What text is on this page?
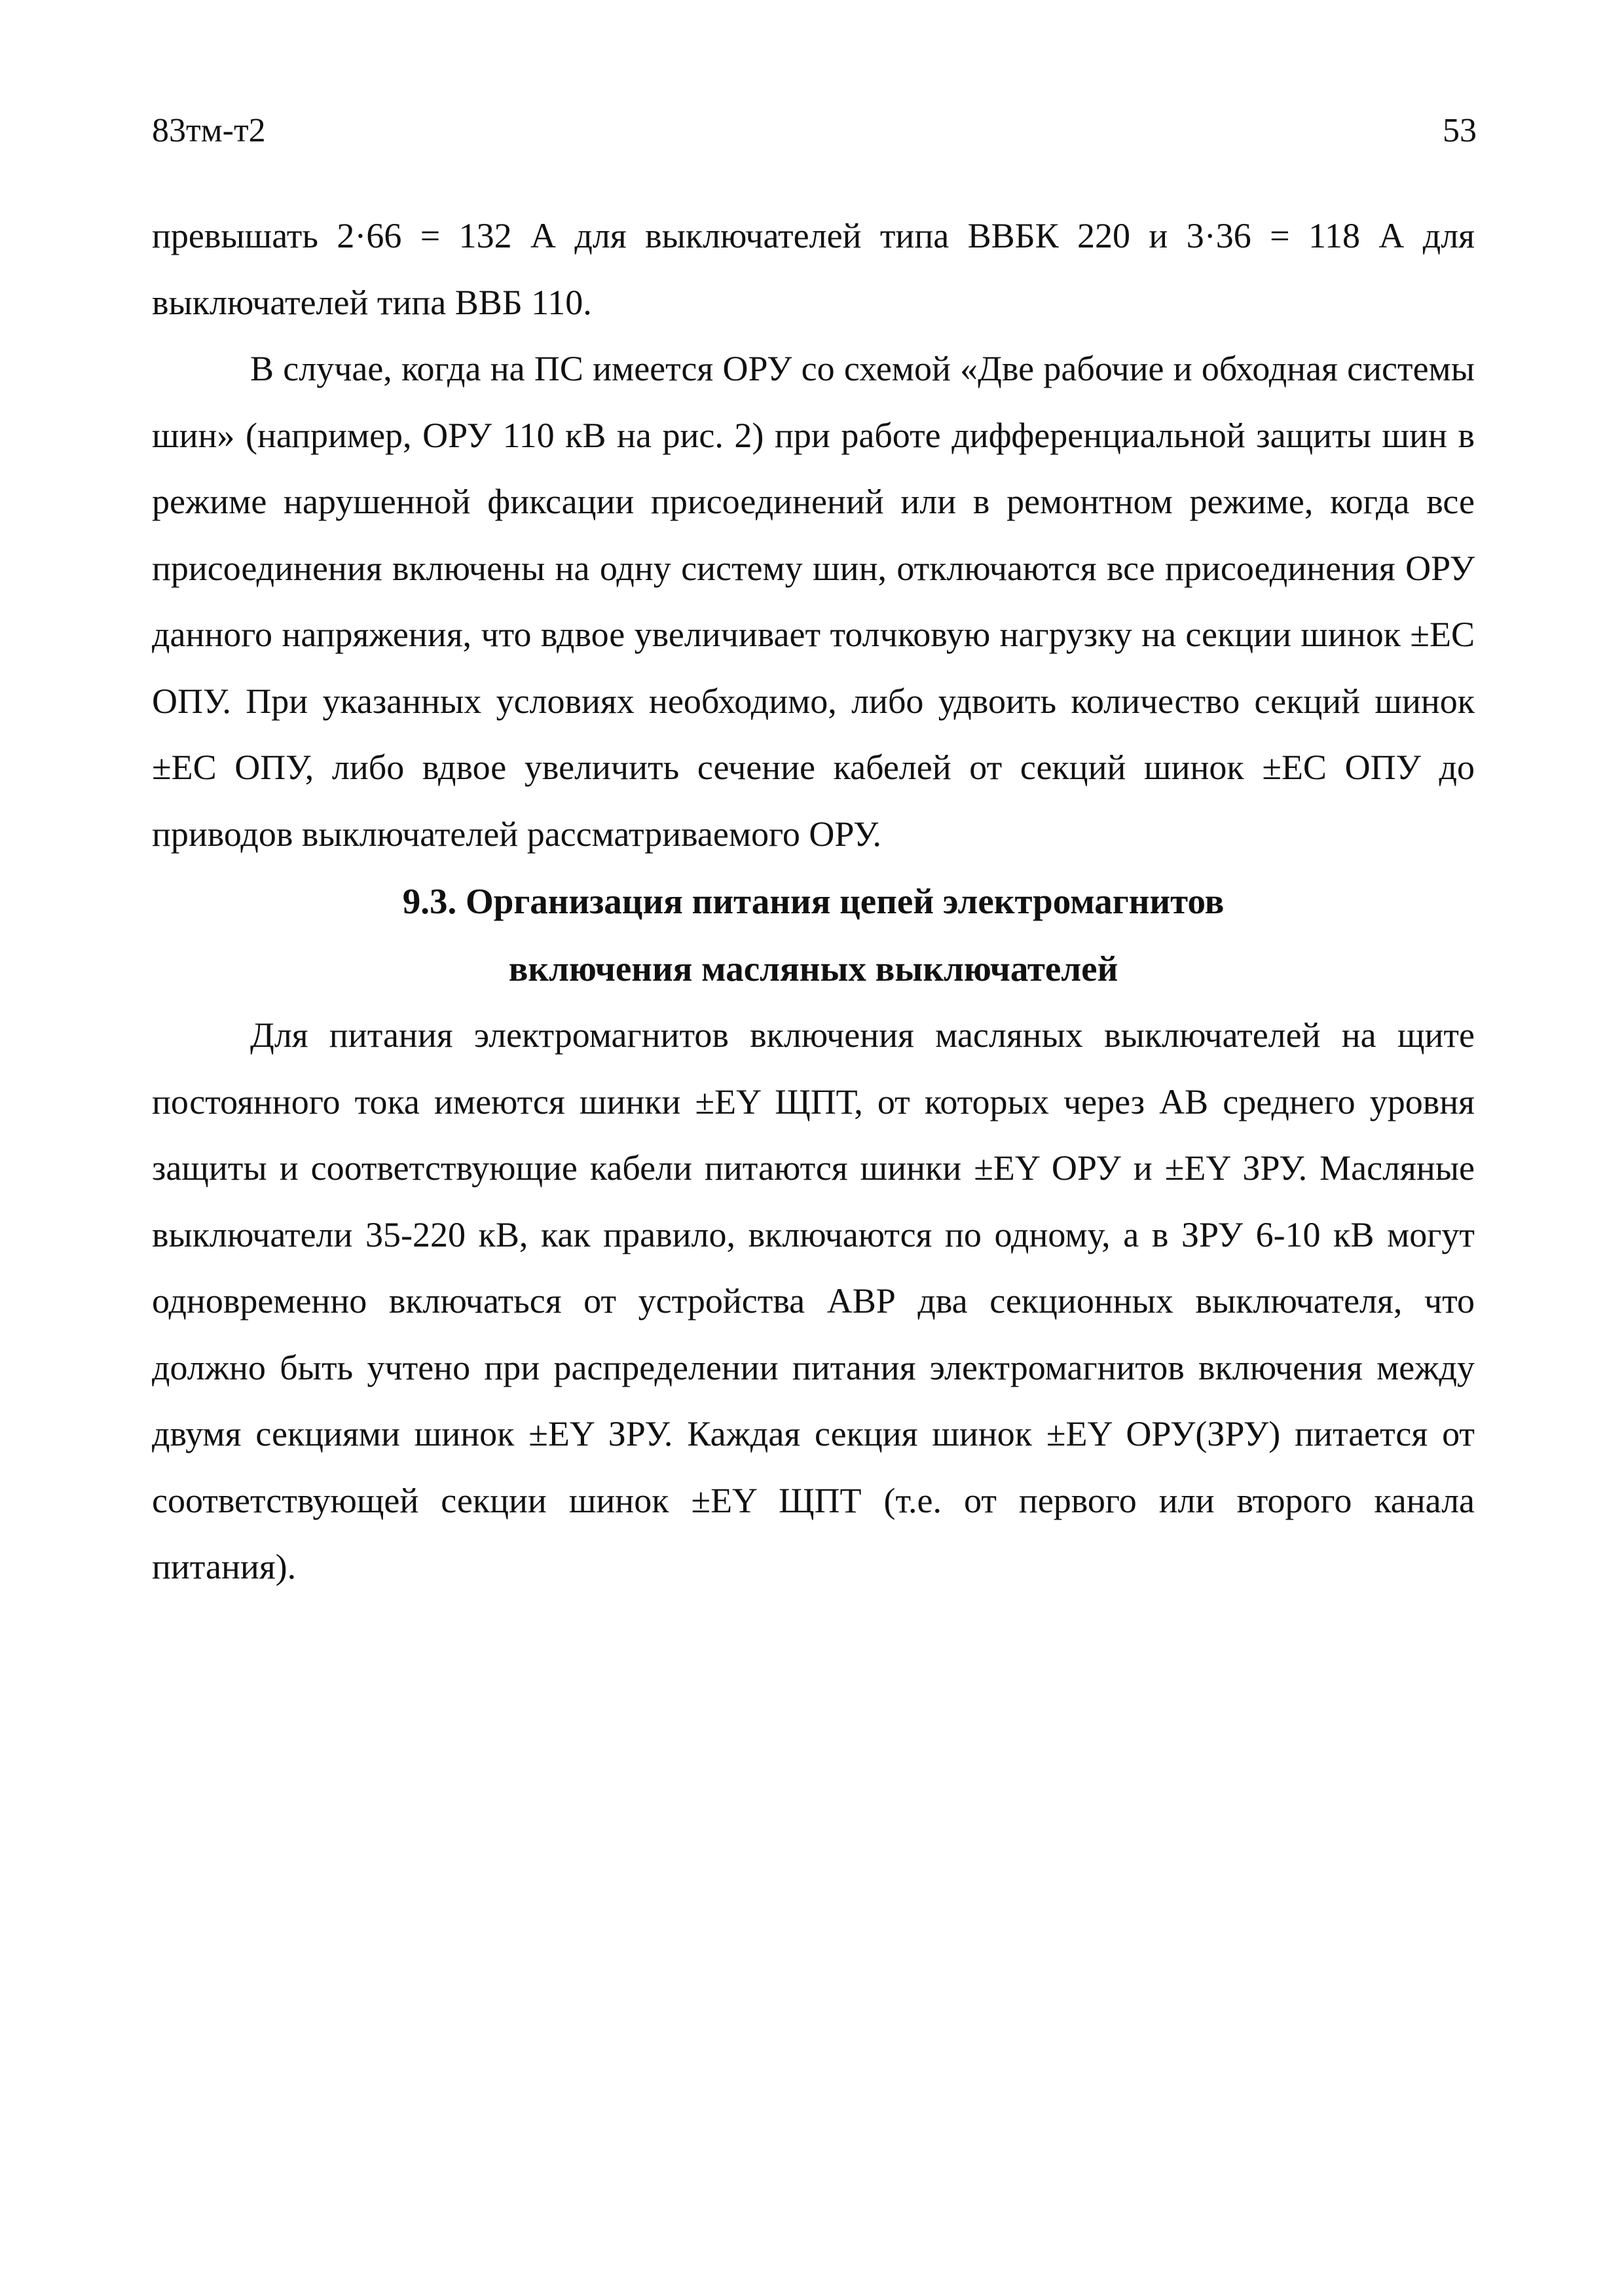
83тм-т2	53

превышать 2·66 = 132 А для выключателей типа ВВБК 220 и 3·36 = 118 А для выключателей типа ВВБ 110.

В случае, когда на ПС имеется ОРУ со схемой «Две рабочие и обходная системы шин» (например, ОРУ 110 кВ на рис. 2) при работе дифференциальной защиты шин в режиме нарушенной фиксации присоединений или в ремонтном режиме, когда все присоединения включены на одну систему шин, отключаются все присоединения ОРУ данного напряжения, что вдвое увеличивает толчковую нагрузку на секции шинок ±ЕС ОПУ. При указанных условиях необходимо, либо удвоить количество секций шинок ±ЕС ОПУ, либо вдвое увеличить сечение кабелей от секций шинок ±ЕС ОПУ до приводов выключателей рассматриваемого ОРУ.

9.3. Организация питания цепей электромагнитов
включения масляных выключателей

Для питания электромагнитов включения масляных выключателей на щите постоянного тока имеются шинки ±ЕY ЩПТ, от которых через АВ среднего уровня защиты и соответствующие кабели питаются шинки ±ЕY ОРУ и ±ЕY ЗРУ. Масляные выключатели 35-220 кВ, как правило, включаются по одному, а в ЗРУ 6-10 кВ могут одновременно включаться от устройства АВР два секционных выключателя, что должно быть учтено при распределении питания электромагнитов включения между двумя секциями шинок ±ЕY ЗРУ. Каждая секция шинок ±ЕY ОРУ(ЗРУ) питается от соответствующей секции шинок ±ЕY ЩПТ (т.е. от первого или второго канала питания).
